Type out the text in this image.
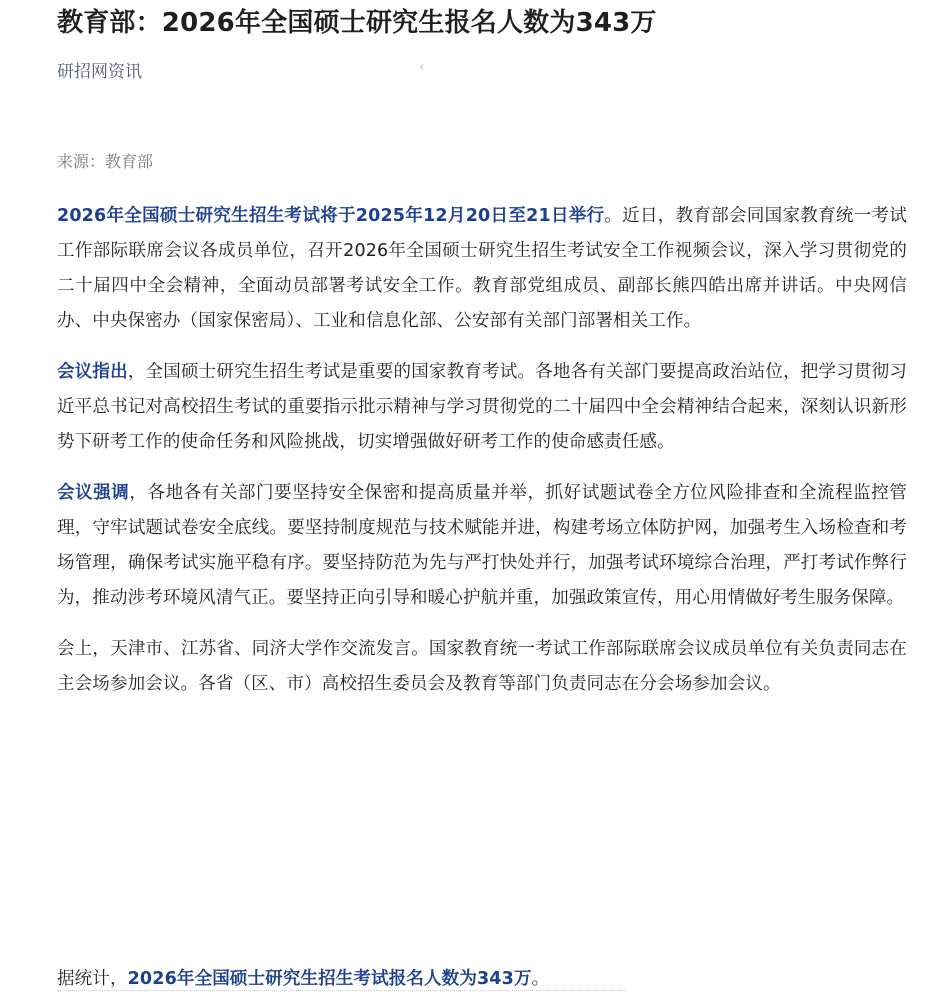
教育部：2026年全国硕士研究生报名人数为343万
研招网资讯	‹
来源：教育部

2026年全国硕士研究生招生考试将于2025年12月20日至21日举行。近日，教育部会同国家教育统一考试工作部际联席会议各成员单位，召开2026年全国硕士研究生招生考试安全工作视频会议，深入学习贯彻党的二十届四中全会精神，全面动员部署考试安全工作。教育部党组成员、副部长熊四皓出席并讲话。中央网信办、中央保密办（国家保密局）、工业和信息化部、公安部有关部门部署相关工作。

会议指出，全国硕士研究生招生考试是重要的国家教育考试。各地各有关部门要提高政治站位，把学习贯彻习近平总书记对高校招生考试的重要指示批示精神与学习贯彻党的二十届四中全会精神结合起来，深刻认识新形势下研考工作的使命任务和风险挑战，切实增强做好研考工作的使命感责任感。

会议强调，各地各有关部门要坚持安全保密和提高质量并举，抓好试题试卷全方位风险排查和全流程监控管理，守牢试题试卷安全底线。要坚持制度规范与技术赋能并进，构建考场立体防护网，加强考生入场检查和考场管理，确保考试实施平稳有序。要坚持防范为先与严打快处并行，加强考试环境综合治理，严打考试作弊行为，推动涉考环境风清气正。要坚持正向引导和暖心护航并重，加强政策宣传，用心用情做好考生服务保障。

会上，天津市、江苏省、同济大学作交流发言。国家教育统一考试工作部际联席会议成员单位有关负责同志在主会场参加会议。各省（区、市）高校招生委员会及教育等部门负责同志在分会场参加会议。

据统计，2026年全国硕士研究生招生考试报名人数为343万。
